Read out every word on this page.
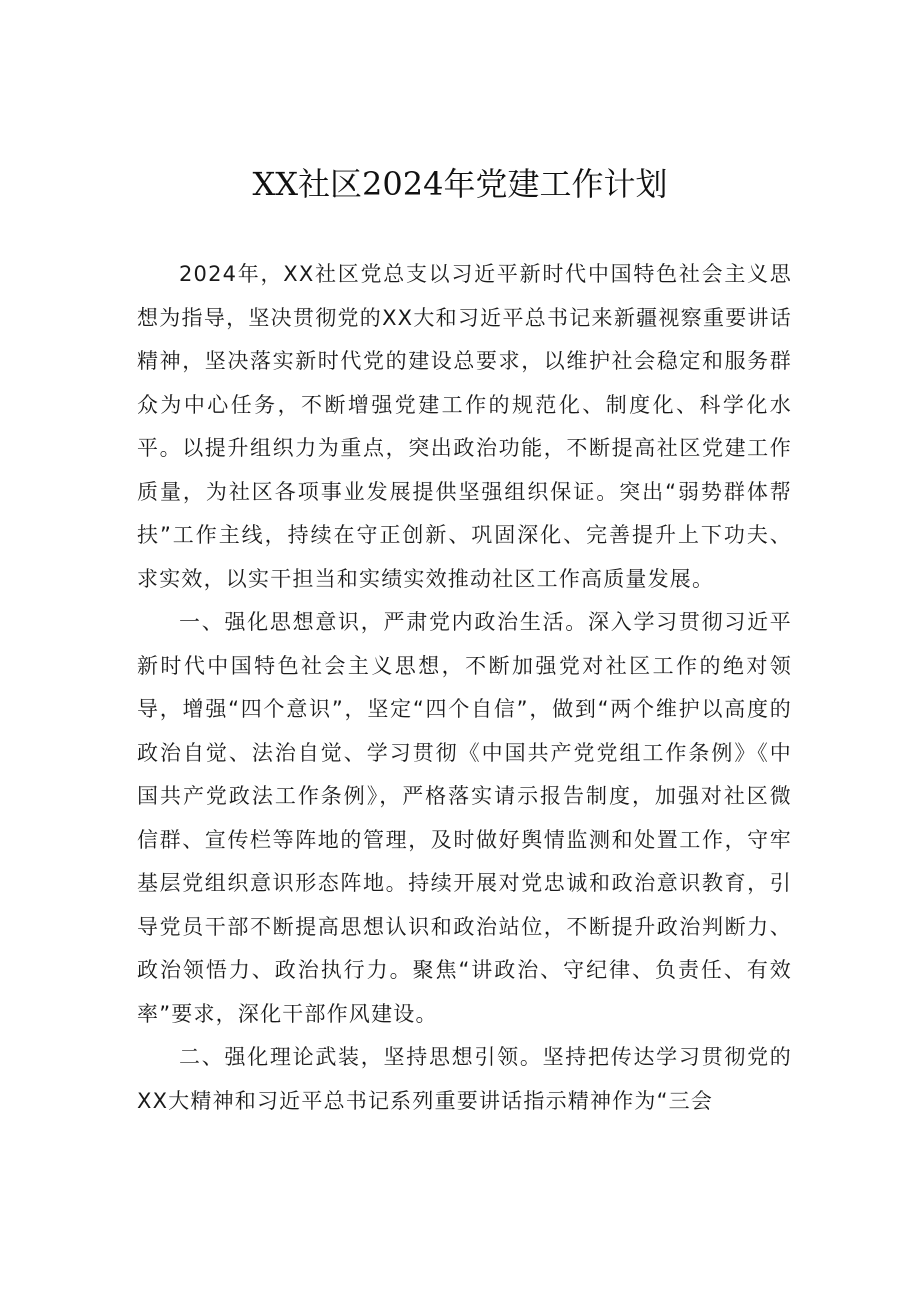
XX社区2024年党建工作计划

2024年，XX社区党总支以习近平新时代中国特色社会主义思想为指导，坚决贯彻党的XX大和习近平总书记来新疆视察重要讲话精神，坚决落实新时代党的建设总要求，以维护社会稳定和服务群众为中心任务，不断增强党建工作的规范化、制度化、科学化水平。以提升组织力为重点，突出政治功能，不断提高社区党建工作质量，为社区各项事业发展提供坚强组织保证。突出“弱势群体帮扶”工作主线，持续在守正创新、巩固深化、完善提升上下功夫、求实效，以实干担当和实绩实效推动社区工作高质量发展。

一、强化思想意识，严肃党内政治生活。深入学习贯彻习近平新时代中国特色社会主义思想，不断加强党对社区工作的绝对领导，增强“四个意识”，坚定“四个自信”，做到“两个维护以高度的政治自觉、法治自觉、学习贯彻《中国共产党党组工作条例》《中国共产党政法工作条例》，严格落实请示报告制度，加强对社区微信群、宣传栏等阵地的管理，及时做好舆情监测和处置工作，守牢基层党组织意识形态阵地。持续开展对党忠诚和政治意识教育，引导党员干部不断提高思想认识和政治站位，不断提升政治判断力、政治领悟力、政治执行力。聚焦“讲政治、守纪律、负责任、有效率”要求，深化干部作风建设。

二、强化理论武装，坚持思想引领。坚持把传达学习贯彻党的XX大精神和习近平总书记系列重要讲话指示精神作为“三会
